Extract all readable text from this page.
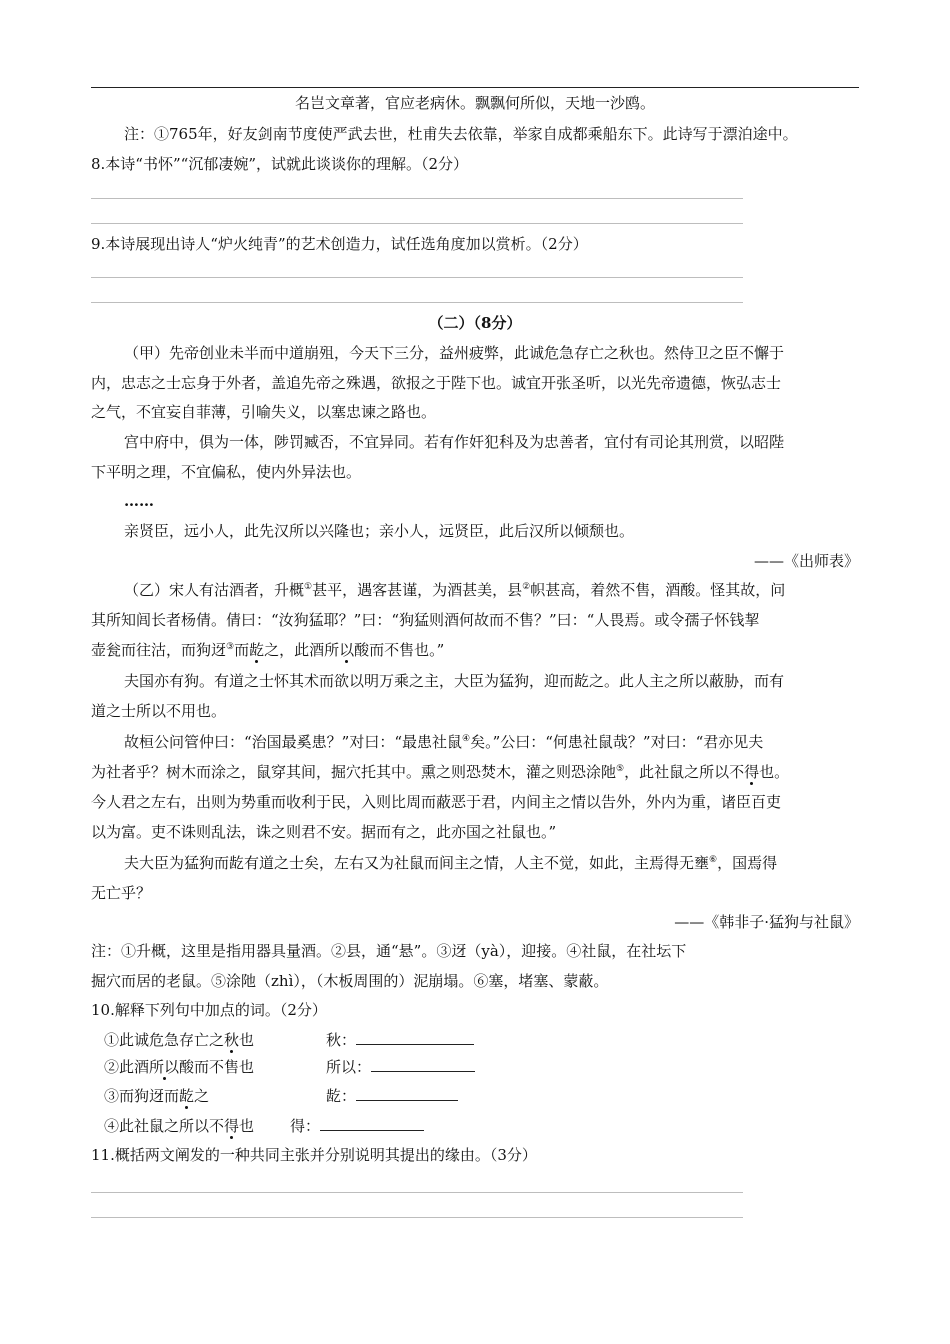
名岂文章著，官应老病休。飘飘何所似，天地一沙鸥。
注：①765年，好友剑南节度使严武去世，杜甫失去依靠，举家自成都乘船东下。此诗写于漂泊途中。
8.本诗“书怀”“沉郁凄婉”，试就此谈谈你的理解。（2分）
9.本诗展现出诗人“炉火纯青”的艺术创造力，试任选角度加以赏析。（2分）
（二）（8分）
（甲）先帝创业未半而中道崩殂，今天下三分，益州疲弊，此诚危急存亡之秋也。然侍卫之臣不懈于
内，忠志之士忘身于外者，盖追先帝之殊遇，欲报之于陛下也。诚宜开张圣听，以光先帝遗德，恢弘志士
之气，不宜妄自菲薄，引喻失义，以塞忠谏之路也。
宫中府中，俱为一体，陟罚臧否，不宜异同。若有作奸犯科及为忠善者，宜付有司论其刑赏，以昭陛
下平明之理，不宜偏私，使内外异法也。
……
亲贤臣，远小人，此先汉所以兴隆也；亲小人，远贤臣，此后汉所以倾颓也。
——《出师表》
（乙）宋人有沽酒者，升概①甚平，遇客甚谨，为酒甚美，县②帜甚高，着然不售，酒酸。怪其故，问
其所知闾长者杨倩。倩曰：“汝狗猛耶？”曰：“狗猛则酒何故而不售？”曰：“人畏焉。或令孺子怀钱挈
壶瓮而往沽，而狗迓③而龁之，此酒所以酸而不售也。”
夫国亦有狗。有道之士怀其术而欲以明万乘之主，大臣为猛狗，迎而龁之。此人主之所以蔽胁，而有
道之士所以不用也。
故桓公问管仲曰：“治国最奚患？”对曰：“最患社鼠④矣。”公曰：“何患社鼠哉？”对曰：“君亦见夫
为社者乎？树木而涂之，鼠穿其间，掘穴托其中。熏之则恐焚木，灌之则恐涂阤⑤，此社鼠之所以不得也。
今人君之左右，出则为势重而收利于民，入则比周而蔽恶于君，内间主之情以告外，外内为重，诸臣百吏
以为富。吏不诛则乱法，诛之则君不安。据而有之，此亦国之社鼠也。”
夫大臣为猛狗而龁有道之士矣，左右又为社鼠而间主之情，人主不觉，如此，主焉得无壅⑥，国焉得
无亡乎？
——《韩非子·猛狗与社鼠》
注：①升概，这里是指用器具量酒。②县，通“悬”。③迓（yà），迎接。④社鼠，在社坛下
掘穴而居的老鼠。⑤涂阤（zhì），（木板周围的）泥崩塌。⑥塞，堵塞、蒙蔽。
10.解释下列句中加点的词。（2分）
①此诚危急存亡之秋也	秋：
②此酒所以酸而不售也	所以：
③而狗迓而龁之	龁：
④此社鼠之所以不得也 得：
11.概括两文阐发的一种共同主张并分别说明其提出的缘由。（3分）
